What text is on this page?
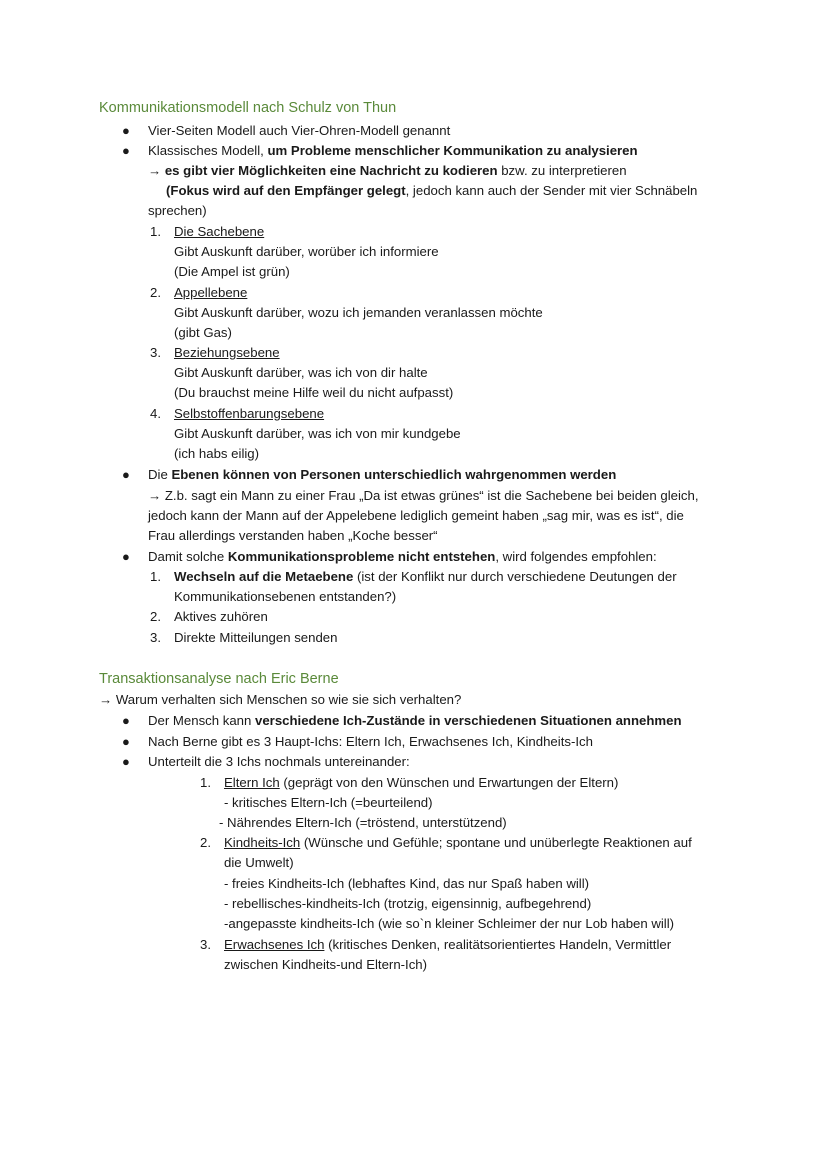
Kommunikationsmodell nach Schulz von Thun
● Vier-Seiten Modell auch Vier-Ohren-Modell genannt
● Klassisches Modell, um Probleme menschlicher Kommunikation zu analysieren
→ es gibt vier Möglichkeiten eine Nachricht zu kodieren bzw. zu interpretieren
(Fokus wird auf den Empfänger gelegt, jedoch kann auch der Sender mit vier Schnäbeln
sprechen)
1. Die Sachebene
Gibt Auskunft darüber, worüber ich informiere
(Die Ampel ist grün)
2. Appellebene
Gibt Auskunft darüber, wozu ich jemanden veranlassen möchte
(gibt Gas)
3. Beziehungsebene
Gibt Auskunft darüber, was ich von dir halte
(Du brauchst meine Hilfe weil du nicht aufpasst)
4. Selbstoffenbarungsebene
Gibt Auskunft darüber, was ich von mir kundgebe
(ich habs eilig)
● Die Ebenen können von Personen unterschiedlich wahrgenommen werden
→ Z.b. sagt ein Mann zu einer Frau „Da ist etwas grünes“ ist die Sachebene bei beiden gleich,
jedoch kann der Mann auf der Appelebene lediglich gemeint haben „sag mir, was es ist“, die
Frau allerdings verstanden haben „Koche besser“
● Damit solche Kommunikationsprobleme nicht entstehen, wird folgendes empfohlen:
1. Wechseln auf die Metaebene (ist der Konflikt nur durch verschiedene Deutungen der
Kommunikationsebenen entstanden?)
2. Aktives zuhören
3. Direkte Mitteilungen senden
Transaktionsanalyse nach Eric Berne
→ Warum verhalten sich Menschen so wie sie sich verhalten?
● Der Mensch kann verschiedene Ich-Zustände in verschiedenen Situationen annehmen
● Nach Berne gibt es 3 Haupt-Ichs: Eltern Ich, Erwachsenes Ich, Kindheits-Ich
● Unterteilt die 3 Ichs nochmals untereinander:
1. Eltern Ich (geprägt von den Wünschen und Erwartungen der Eltern)
- kritisches Eltern-Ich (=beurteilend)
- Nährendes Eltern-Ich (=tröstend, unterstützend)
2. Kindheits-Ich (Wünsche und Gefühle; spontane und unüberlegte Reaktionen auf
die Umwelt)
- freies Kindheits-Ich (lebhaftes Kind, das nur Spaß haben will)
- rebellisches-kindheits-Ich (trotzig, eigensinnig, aufbegehrend)
-angepasste kindheits-Ich (wie so`n kleiner Schleimer der nur Lob haben will)
3. Erwachsenes Ich (kritisches Denken, realitätsorientiertes Handeln, Vermittler
zwischen Kindheits-und Eltern-Ich)
